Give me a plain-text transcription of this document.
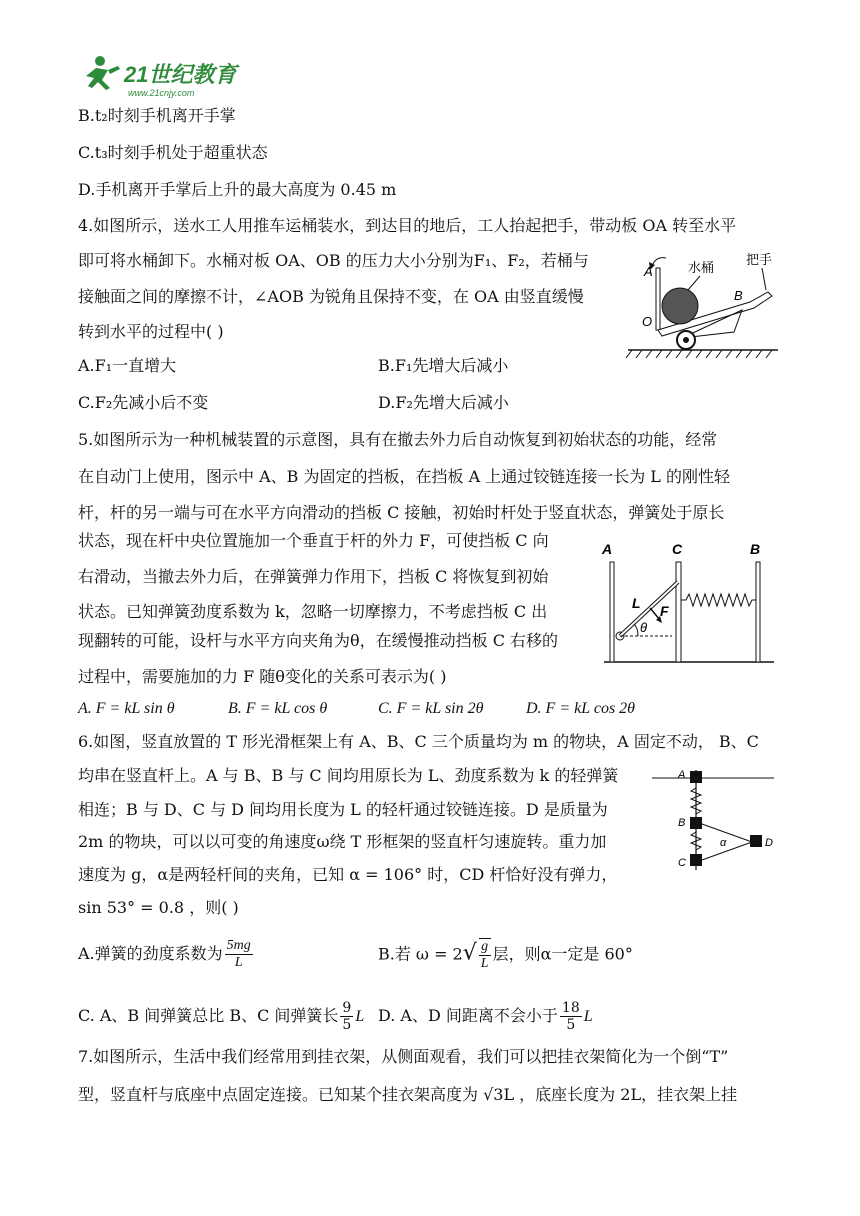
21世纪教育
www.21cnjy.com
B.t₂时刻手机离开手掌
C.t₃时刻手机处于超重状态
D.手机离开手掌后上升的最大高度为 0.45 m
4.如图所示，送水工人用推车运桶装水，到达目的地后，工人抬起把手，带动板 OA 转至水平
即可将水桶卸下。水桶对板 OA、OB 的压力大小分别为F₁、F₂，若桶与
接触面之间的摩擦不计，∠AOB 为锐角且保持不变，在 OA 由竖直缓慢
转到水平的过程中( )
A.F₁一直增大	B.F₁先增大后减小
C.F₂先减小后不变	D.F₂先增大后减小
A
O
B
水桶
把手
5.如图所示为一种机械装置的示意图，具有在撤去外力后自动恢复到初始状态的功能，经常
在自动门上使用，图示中 A、B 为固定的挡板，在挡板 A 上通过铰链连接一长为 L 的刚性轻
杆，杆的另一端与可在水平方向滑动的挡板 C 接触，初始时杆处于竖直状态，弹簧处于原长
状态，现在杆中央位置施加一个垂直于杆的外力 F，可使挡板 C 向
右滑动，当撤去外力后，在弹簧弹力作用下，挡板 C 将恢复到初始
状态。已知弹簧劲度系数为 k，忽略一切摩擦力，不考虑挡板 C 出
现翻转的可能，设杆与水平方向夹角为θ，在缓慢推动挡板 C 右移的
过程中，需要施加的力 F 随θ变化的关系可表示为( )
A. F = kL sin θ	B. F = kL cos θ	C. F = kL sin 2θ	D. F = kL cos 2θ
A	C	B
L F
θ
6.如图，竖直放置的 T 形光滑框架上有 A、B、C 三个质量均为 m 的物块，A 固定不动， B、C
均串在竖直杆上。A 与 B、B 与 C 间均用原长为 L、劲度系数为 k 的轻弹簧
相连；B 与 D、C 与 D 间均用长度为 L 的轻杆通过铰链连接。D 是质量为
2m 的物块，可以以可变的角速度ω绕 T 形框架的竖直杆匀速旋转。重力加
速度为 g，α是两轻杆间的夹角，已知 α = 106° 时，CD 杆恰好没有弹力，
sin 53° = 0.8 ，则( )
A.弹簧的劲度系数为 $\frac{5mg}{L}$	B.若 $\omega = 2√ \frac{g}{L}$ 层，则α一定是 60°
C. A、B 间弹簧总比 B、C 间弹簧长 $\frac{9}{5}$ L D. A、D 间距离不会小于 $\frac{18}{5}$ L
A
B
C
D
α
7.如图所示，生活中我们经常用到挂衣架，从侧面观看，我们可以把挂衣架简化为一个倒“T”
型，竖直杆与底座中点固定连接。已知某个挂衣架高度为 √3L ，底座长度为 2L，挂衣架上挂
